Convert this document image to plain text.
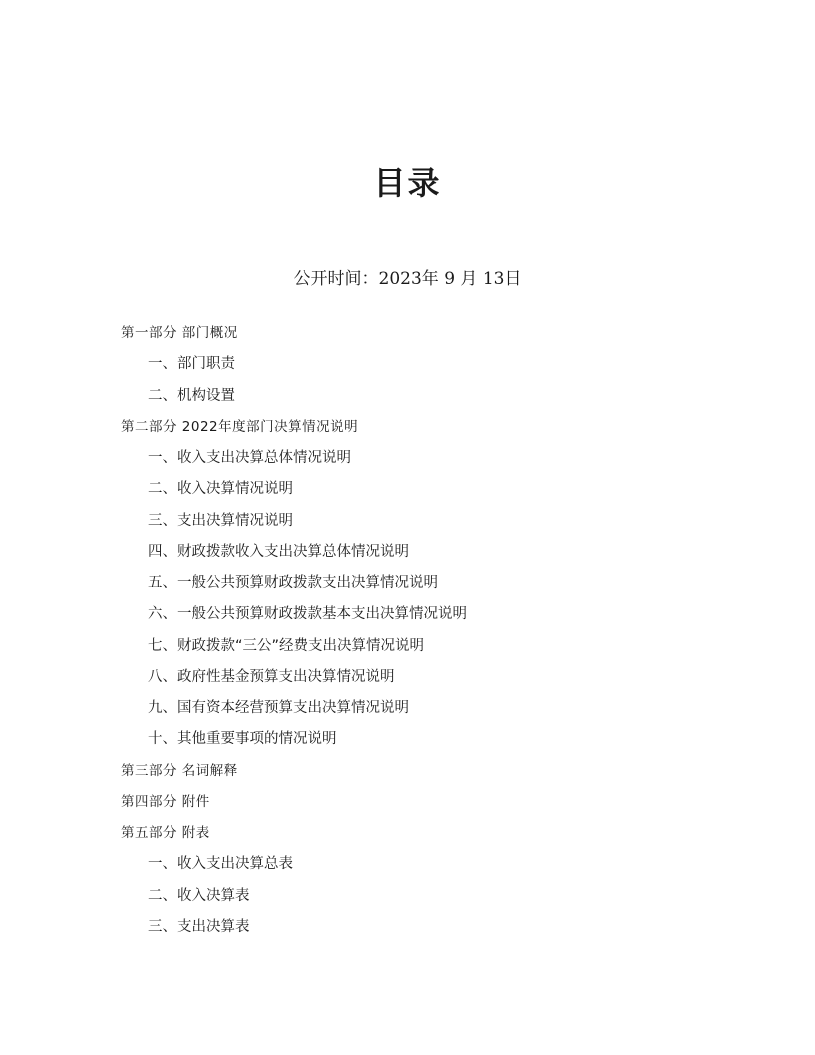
目录
公开时间：2023年 9 月 13日
第一部分 部门概况
一、部门职责
二、机构设置
第二部分 2022年度部门决算情况说明
一、收入支出决算总体情况说明
二、收入决算情况说明
三、支出决算情况说明
四、财政拨款收入支出决算总体情况说明
五、一般公共预算财政拨款支出决算情况说明
六、一般公共预算财政拨款基本支出决算情况说明
七、财政拨款“三公”经费支出决算情况说明
八、政府性基金预算支出决算情况说明
九、国有资本经营预算支出决算情况说明
十、其他重要事项的情况说明
第三部分 名词解释
第四部分 附件
第五部分 附表
一、收入支出决算总表
二、收入决算表
三、支出决算表
